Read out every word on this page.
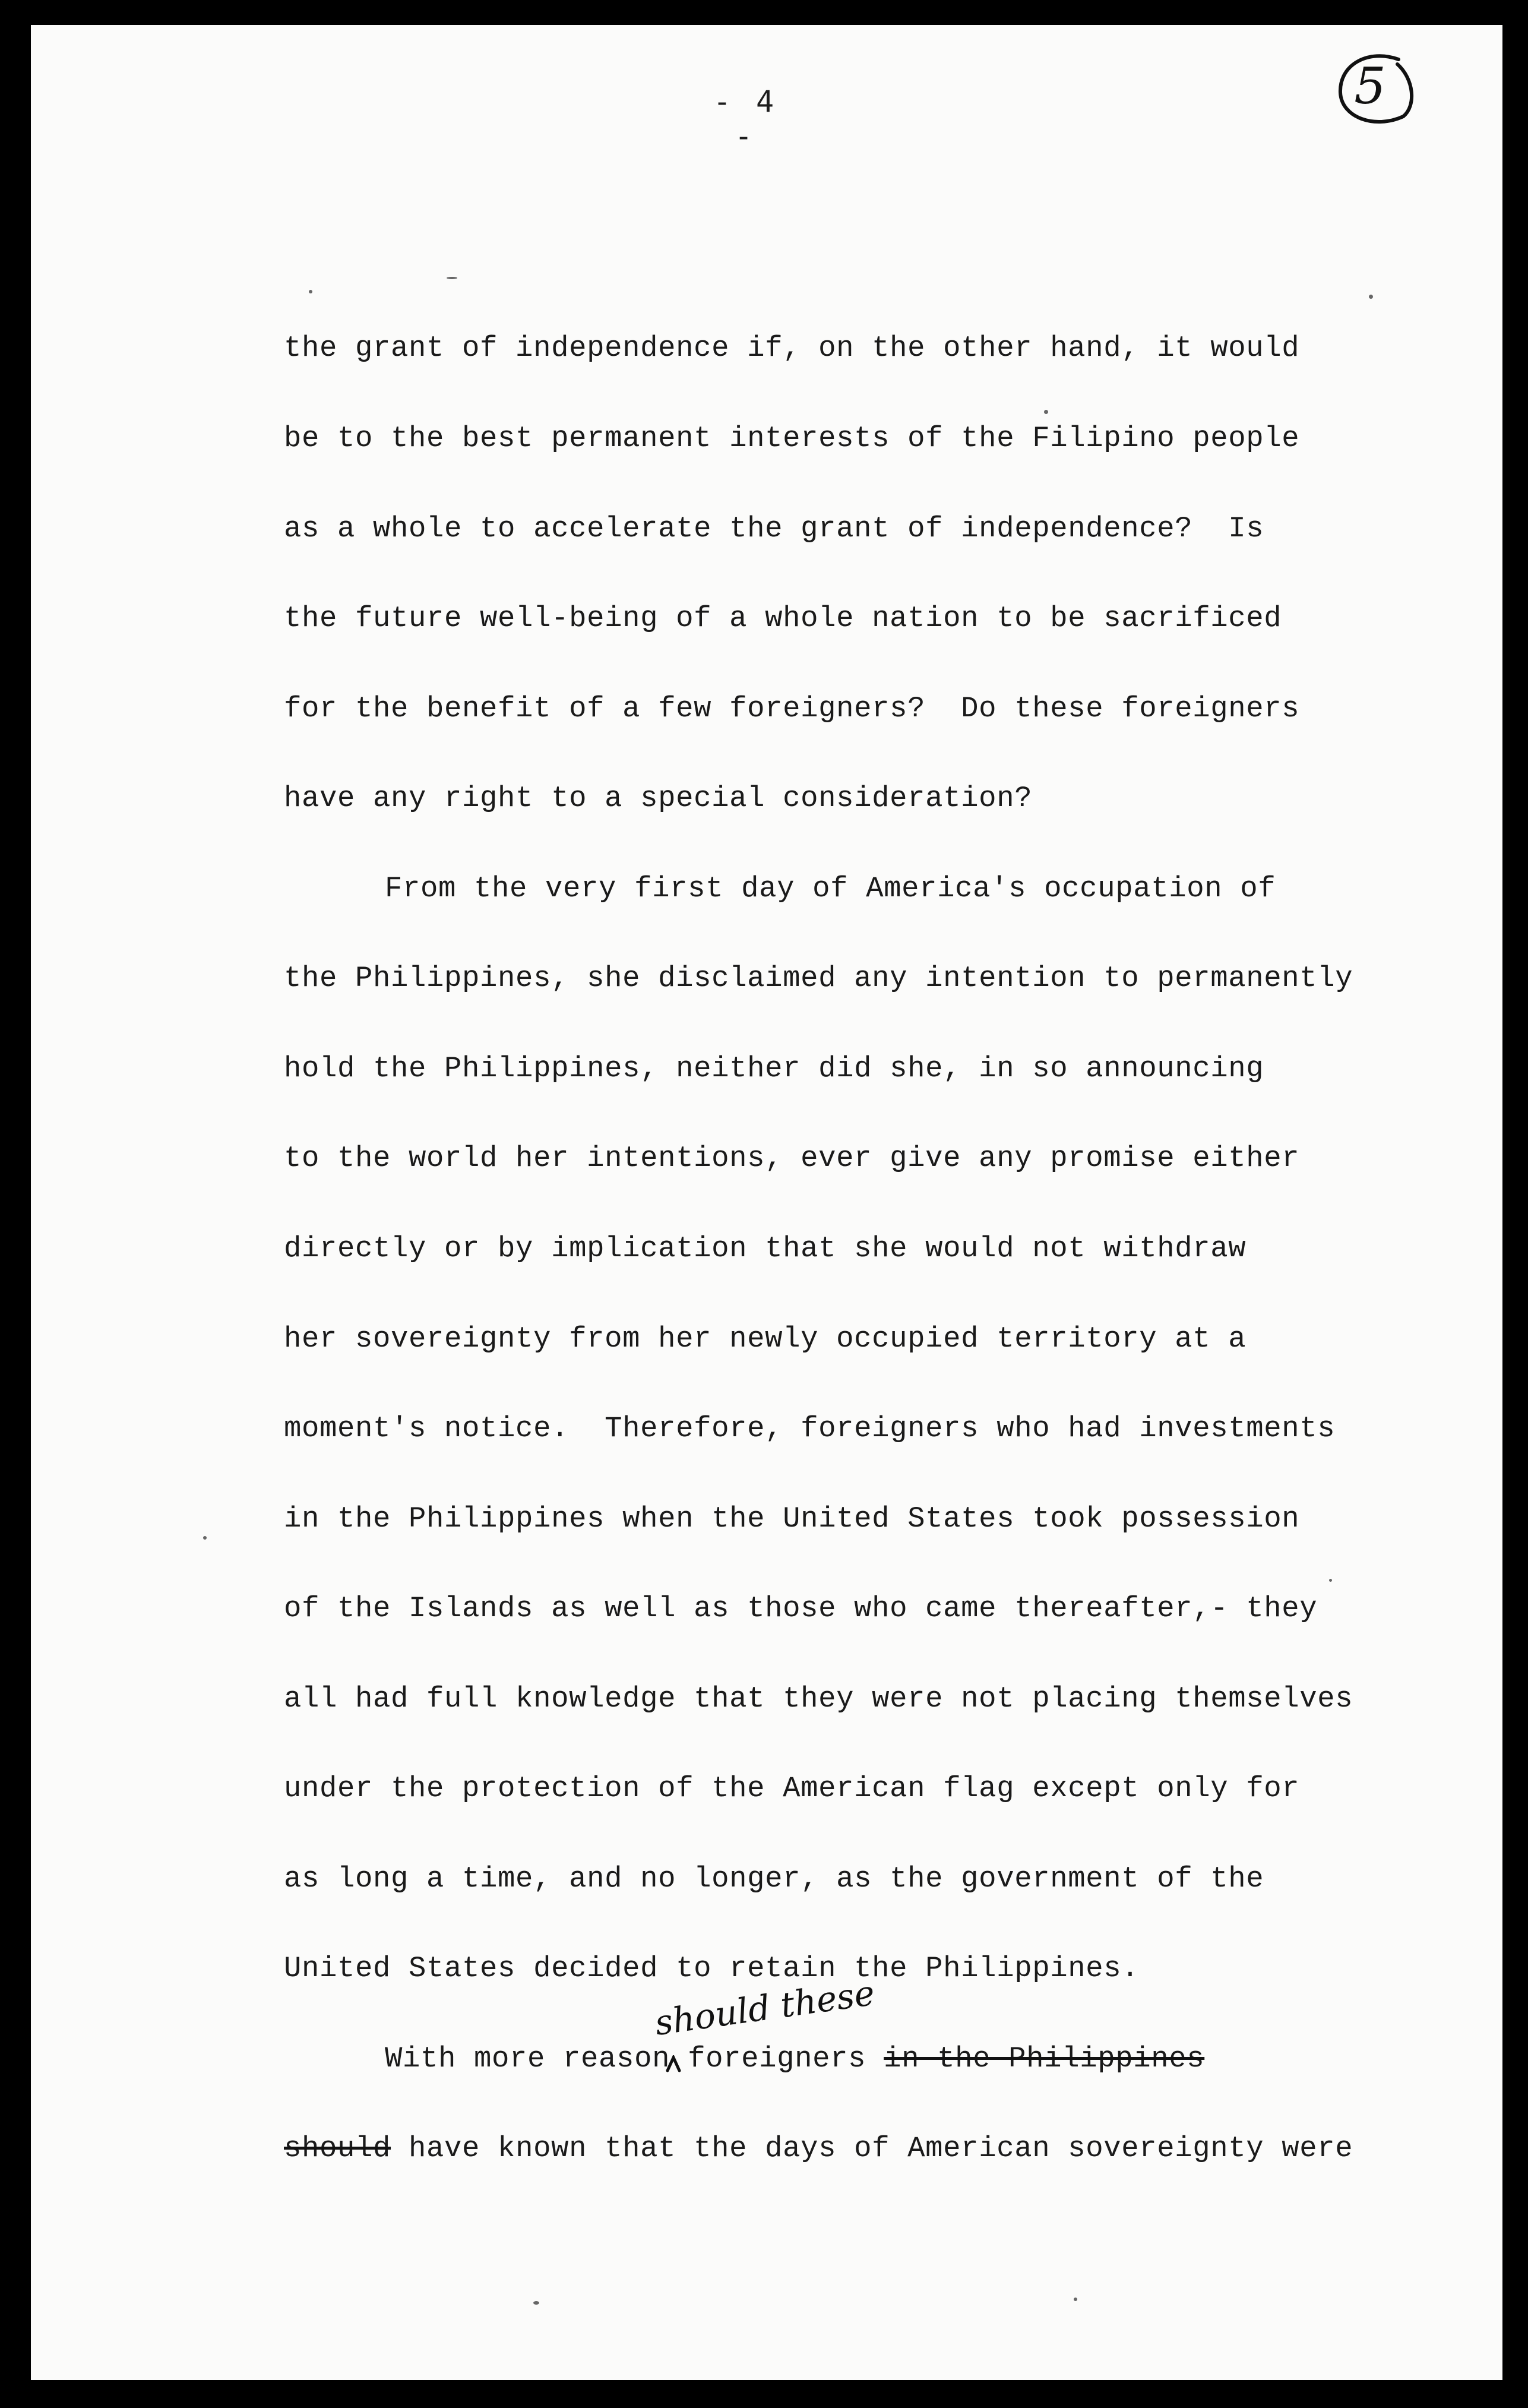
- 4 -
5
the grant of independence if, on the other hand, it would
be to the best permanent interests of the Filipino people
as a whole to accelerate the grant of independence?  Is
the future well-being of a whole nation to be sacrificed
for the benefit of a few foreigners?  Do these foreigners
have any right to a special consideration?
From the very first day of America's occupation of
the Philippines, she disclaimed any intention to permanently
hold the Philippines, neither did she, in so announcing
to the world her intentions, ever give any promise either
directly or by implication that she would not withdraw
her sovereignty from her newly occupied territory at a
moment's notice.  Therefore, foreigners who had investments
in the Philippines when the United States took possession
of the Islands as well as those who came thereafter,- they
all had full knowledge that they were not placing themselves
under the protection of the American flag except only for
as long a time, and no longer, as the government of the
United States decided to retain the Philippines.
should these
With more reason foreigners in the Philippines
should have known that the days of American sovereignty were
